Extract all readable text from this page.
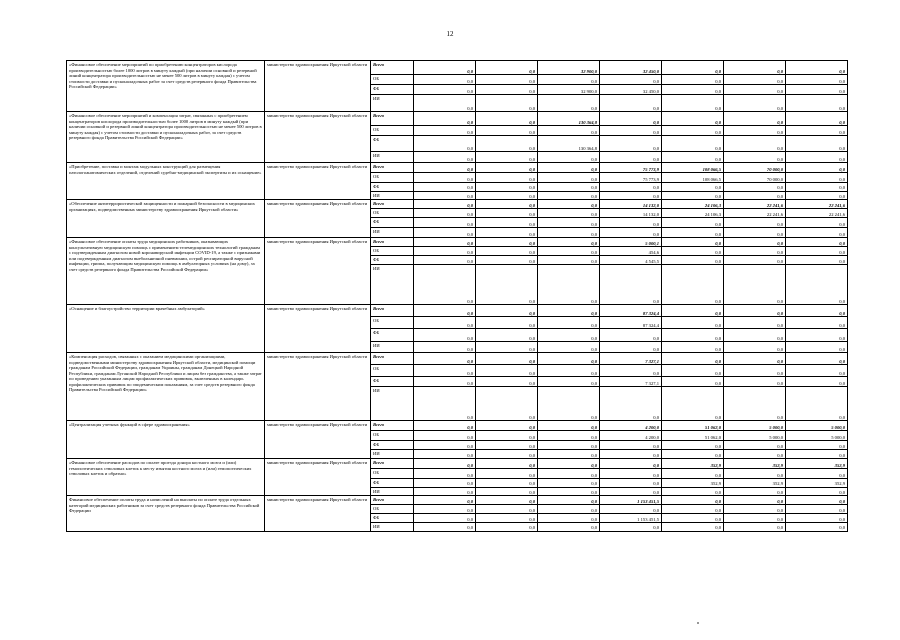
12
«Финансовое обеспечение мероприятий по приобретению концентраторов кислорода производительностью более 1000 литров в минуту каждый (при наличии основной и резервной линий концентратора производительностью не менее 500 литров в минуту каждая) с учетом стоимости доставки и пусконаладочных работ за счет средств резервного фонда Правительства Российской Федерации»	министерство здравоохранения Иркутской области	Всего	0,0	0,0	32 900,0	32 450,0	0,0	0,0	0,0
		ОБ	0,0	0,0	0,0	0,0	0,0	0,0	0,0
		ФБ	0,0	0,0	32 900,0	32 450,0	0,0	0,0	0,0
		ИИ	0,0	0,0	0,0	0,0	0,0	0,0	0,0
«Финансовое обеспечение мероприятий и компенсация затрат, связанных с приобретением концентраторов кислорода производительностью более 1000 литров в минуту каждый (при наличии основной и резервной линий концентратора производительностью не менее 500 литров в минуту каждая) с учетом стоимости доставки и пусконаладочных работ, за счет средств резервного фонда Правительства Российской Федерации»	министерство здравоохранения Иркутской области	Всего	0,0	0,0	130 364,8	0,0	0,0	0,0	0,0
		ОБ	0,0	0,0	0,0	0,0	0,0	0,0	0,0
		ФБ	0,0	0,0	130 364,8	0,0	0,0	0,0	0,0
		ИИ	0,0	0,0	0,0	0,0	0,0	0,0	0,0
«Приобретение, поставка и монтаж модульных конструкций для размещения патологоанатомических отделений, отделений судебно-медицинской экспертизы и их оснащение»	министерство здравоохранения Иркутской области	Всего	0,0	0,0	0,0	75 773,9	108 066,5	70 000,0	0,0
		ОБ	0,0	0,0	0,0	75 773,9	108 066,5	70 000,0	0,0
		ФБ	0,0	0,0	0,0	0,0	0,0	0,0	0,0
		ИИ	0,0	0,0	0,0	0,0	0,0	0,0	0,0
«Обеспечение антитеррористической защищенности и пожарной безопасности в медицинских организациях, подведомственных министерству здравоохранения Иркутской области»	министерство здравоохранения Иркутской области	Всего	0,0	0,0	0,0	14 132,0	24 106,3	22 241,6	22 241,6
		ОБ	0,0	0,0	0,0	14 132,0	24 106,3	22 241,6	22 241,6
		ФБ	0,0	0,0	0,0	0,0	0,0	0,0	0,0
		ИИ	0,0	0,0	0,0	0,0	0,0	0,0	0,0
«Финансовое обеспечение оплаты труда медицинских работников, оказывающих консультативную медицинскую помощь с применением телемедицинских технологий гражданам с подтвержденным диагнозом новой коронавирусной инфекции COVID-19, а также с признаками или подтвержденным диагнозом внебольничной пневмонии, острой респираторной вирусной инфекции, гриппа, получающим медицинскую помощь в амбулаторных условиях (на дому), за счет средств резервного фонда Правительства Российской Федерации»	министерство здравоохранения Иркутской области	Всего	0,0	0,0	0,0	5 000,1	0,0	0,0	0,0
		ОБ	0,0	0,0	0,0	454,6	0,0	0,0	0,0
		ФБ	0,0	0,0	0,0	4 545,5	0,0	0,0	0,0
		ИИ	0,0	0,0	0,0	0,0	0,0	0,0	0,0
«Оснащение и благоустройство территории врачебных амбулаторий»	министерство здравоохранения Иркутской области	Всего	0,0	0,0	0,0	87 324,4	0,0	0,0	0,0
		ОБ	0,0	0,0	0,0	87 324,4	0,0	0,0	0,0
		ФБ	0,0	0,0	0,0	0,0	0,0	0,0	0,0
		ИИ	0,0	0,0	0,0	0,0	0,0	0,0	0,0
«Компенсация расходов, связанных с оказанием медицинскими организациями, подведомственными министерству здравоохранения Иркутской области, медицинской помощи гражданам Российской Федерации, гражданам Украины, гражданам Донецкой Народной Республики, гражданам Луганской Народной Республики и лицам без гражданства, а также затрат по проведению указанным лицам профилактических прививок, включенных в календарь профилактических прививок по эпидемическим показаниям, за счет средств резервного фонда Правительства Российской Федерации»	министерство здравоохранения Иркутской области	Всего	0,0	0,0	0,0	7 327,1	0,0	0,0	0,0
		ОБ	0,0	0,0	0,0	0,0	0,0	0,0	0,0
		ФБ	0,0	0,0	0,0	7 327,1	0,0	0,0	0,0
		ИИ	0,0	0,0	0,0	0,0	0,0	0,0	0,0
«Централизация учетных функций в сфере здравоохранения»	министерство здравоохранения Иркутской области	Всего	0,0	0,0	0,0	4 200,0	51 062,0	5 000,0	5 000,0
		ОБ	0,0	0,0	0,0	4 200,0	51 062,0	5 000,0	5 000,0
		ФБ	0,0	0,0	0,0	0,0	0,0	0,0	0,0
		ИИ	0,0	0,0	0,0	0,0	0,0	0,0	0,0
«Финансовое обеспечение расходов по оплате проезда донора костного мозга и (или) гемопоэтических стволовых клеток к месту изъятия костного мозга и (или) гемопоэтических стволовых клеток и обратно»	министерство здравоохранения Иркутской области	Всего	0,0	0,0	0,0	0,0	352,9	352,9	352,9
		ОБ	0,0	0,0	0,0	0,0	0,0	0,0	0,0
		ФБ	0,0	0,0	0,0	0,0	352,9	352,9	352,9
		ИИ	0,0	0,0	0,0	0,0	0,0	0,0	0,0
Финансовое обеспечение оплаты труда и начислений на выплаты по оплате труда отдельных категорий медицинских работников за счет средств резервного фонда Правительства Российской Федерации	министерство здравоохранения Иркутской области	Всего	0,0	0,0	0,0	1 153 451,5	0,0	0,0	0,0
		ОБ	0,0	0,0	0,0	0,0	0,0	0,0	0,0
		ФБ	0,0	0,0	0,0	1 153 451,5	0,0	0,0	0,0
		ИИ	0,0	0,0	0,0	0,0	0,0	0,0	0,0
